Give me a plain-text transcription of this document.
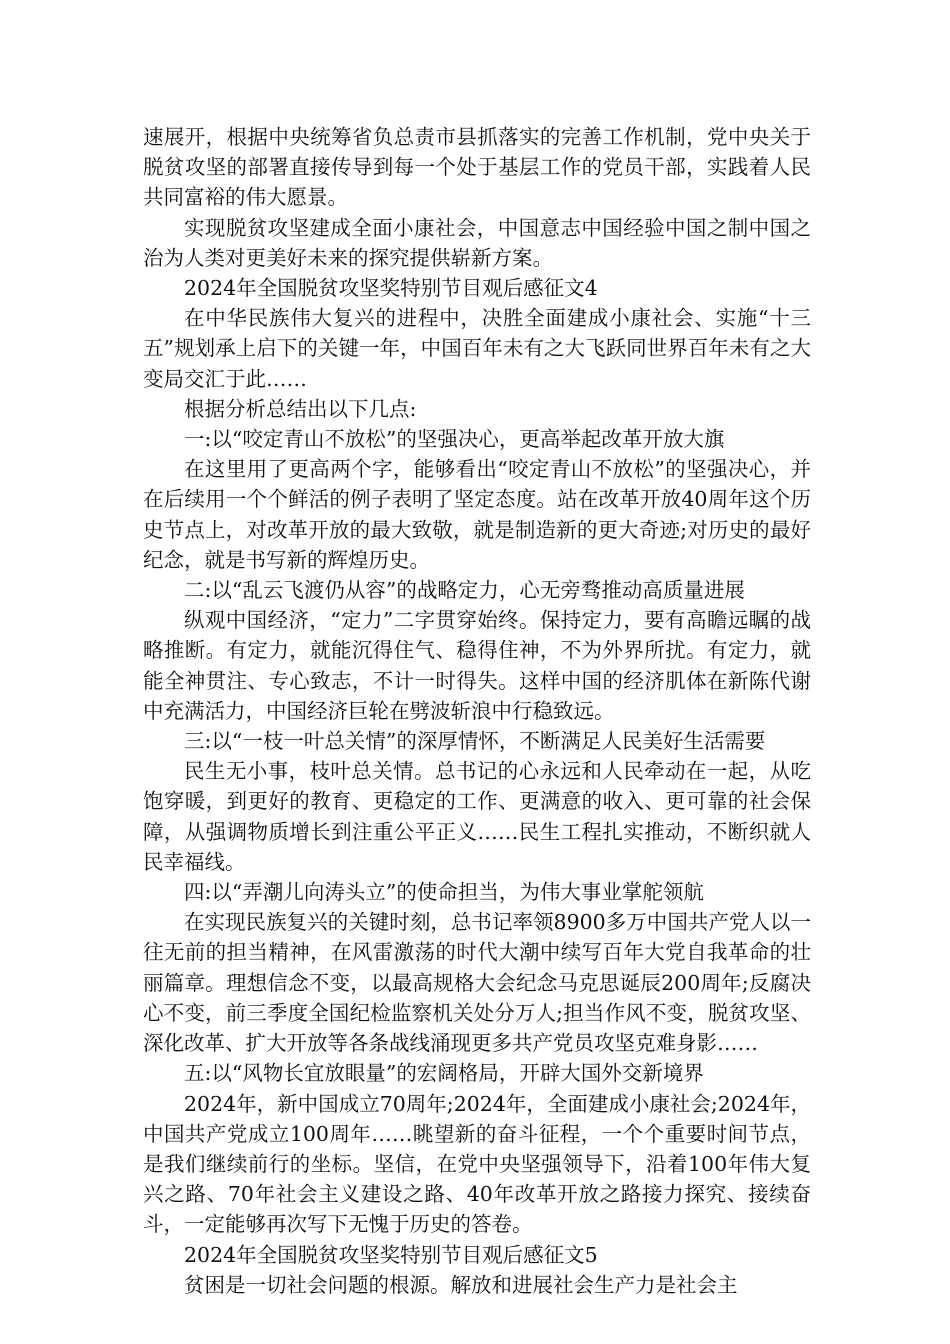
速展开，根据中央统筹省负总责市县抓落实的完善工作机制，党中央关于脱贫攻坚的部署直接传导到每一个处于基层工作的党员干部，实践着人民共同富裕的伟大愿景。

实现脱贫攻坚建成全面小康社会，中国意志中国经验中国之制中国之治为人类对更美好未来的探究提供崭新方案。

2024年全国脱贫攻坚奖特别节目观后感征文4

在中华民族伟大复兴的进程中，决胜全面建成小康社会、实施“十三五”规划承上启下的关键一年，中国百年未有之大飞跃同世界百年未有之大变局交汇于此……

根据分析总结出以下几点:

一:以“咬定青山不放松”的坚强决心，更高举起改革开放大旗

在这里用了更高两个字，能够看出“咬定青山不放松”的坚强决心，并在后续用一个个鲜活的例子表明了坚定态度。站在改革开放40周年这个历史节点上，对改革开放的最大致敬，就是制造新的更大奇迹;对历史的最好纪念，就是书写新的辉煌历史。

二:以“乱云飞渡仍从容”的战略定力，心无旁骛推动高质量进展

纵观中国经济，“定力”二字贯穿始终。保持定力，要有高瞻远瞩的战略推断。有定力，就能沉得住气、稳得住神，不为外界所扰。有定力，就能全神贯注、专心致志，不计一时得失。这样中国的经济肌体在新陈代谢中充满活力，中国经济巨轮在劈波斩浪中行稳致远。

三:以“一枝一叶总关情”的深厚情怀，不断满足人民美好生活需要

民生无小事，枝叶总关情。总书记的心永远和人民牵动在一起，从吃饱穿暖，到更好的教育、更稳定的工作、更满意的收入、更可靠的社会保障，从强调物质增长到注重公平正义……民生工程扎实推动，不断织就人民幸福线。

四:以“弄潮儿向涛头立”的使命担当，为伟大事业掌舵领航

在实现民族复兴的关键时刻，总书记率领8900多万中国共产党人以一往无前的担当精神，在风雷激荡的时代大潮中续写百年大党自我革命的壮丽篇章。理想信念不变，以最高规格大会纪念马克思诞辰200周年;反腐决心不变，前三季度全国纪检监察机关处分万人;担当作风不变，脱贫攻坚、深化改革、扩大开放等各条战线涌现更多共产党员攻坚克难身影……

五:以“风物长宜放眼量”的宏阔格局，开辟大国外交新境界

2024年，新中国成立70周年;2024年，全面建成小康社会;2024年，中国共产党成立100周年……眺望新的奋斗征程，一个个重要时间节点，是我们继续前行的坐标。坚信，在党中央坚强领导下，沿着100年伟大复兴之路、70年社会主义建设之路、40年改革开放之路接力探究、接续奋斗，一定能够再次写下无愧于历史的答卷。

2024年全国脱贫攻坚奖特别节目观后感征文5

贫困是一切社会问题的根源。解放和进展社会生产力是社会主
